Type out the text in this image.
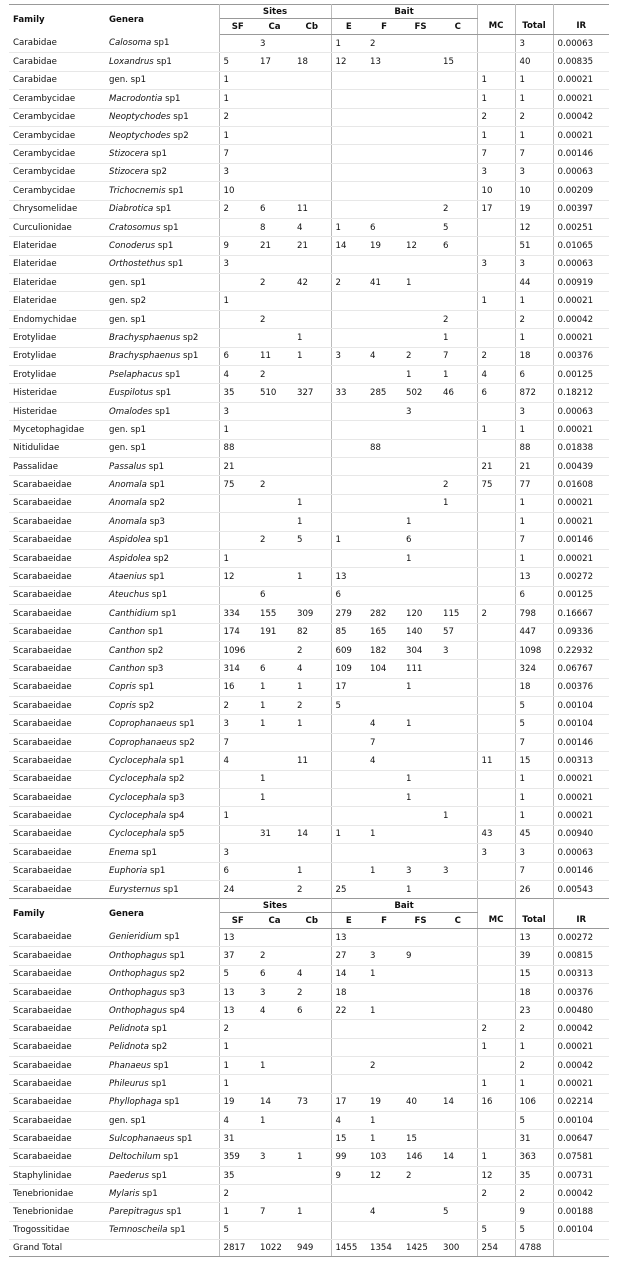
Family	Genera	Sites			Bait						
		SF	Ca	Cb	E	F	FS	C	MC	Total	IR
Carabidae	Calosoma sp1		3		1	2				3	0.00063
Carabidae	Loxandrus sp1	5	17	18	12	13		15		40	0.00835
Carabidae	gen. sp1	1							1	1	0.00021
Cerambycidae	Macrodontia sp1	1							1	1	0.00021
Cerambycidae	Neoptychodes sp1	2							2	2	0.00042
Cerambycidae	Neoptychodes sp2	1							1	1	0.00021
Cerambycidae	Stizocera sp1	7							7	7	0.00146
Cerambycidae	Stizocera sp2	3							3	3	0.00063
Cerambycidae	Trichocnemis sp1	10							10	10	0.00209
Chrysomelidae	Diabrotica sp1	2	6	11				2	17	19	0.00397
Curculionidae	Cratosomus sp1		8	4	1	6		5		12	0.00251
Elateridae	Conoderus sp1	9	21	21	14	19	12	6		51	0.01065
Elateridae	Orthostethus sp1	3							3	3	0.00063
Elateridae	gen. sp1		2	42	2	41	1			44	0.00919
Elateridae	gen. sp2	1							1	1	0.00021
Endomychidae	gen. sp1		2					2		2	0.00042
Erotylidae	Brachysphaenus sp2			1				1		1	0.00021
Erotylidae	Brachysphaenus sp1	6	11	1	3	4	2	7	2	18	0.00376
Erotylidae	Pselaphacus sp1	4	2				1	1	4	6	0.00125
Histeridae	Euspilotus sp1	35	510	327	33	285	502	46	6	872	0.18212
Histeridae	Omalodes sp1	3					3			3	0.00063
Mycetophagidae	gen. sp1	1							1	1	0.00021
Nitidulidae	gen. sp1	88				88				88	0.01838
Passalidae	Passalus sp1	21							21	21	0.00439
Scarabaeidae	Anomala sp1	75	2					2	75	77	0.01608
Scarabaeidae	Anomala sp2			1				1		1	0.00021
Scarabaeidae	Anomala sp3			1			1			1	0.00021
Scarabaeidae	Aspidolea sp1		2	5	1		6			7	0.00146
Scarabaeidae	Aspidolea sp2	1					1			1	0.00021
Scarabaeidae	Ataenius sp1	12		1	13					13	0.00272
Scarabaeidae	Ateuchus sp1		6		6					6	0.00125
Scarabaeidae	Canthidium sp1	334	155	309	279	282	120	115	2	798	0.16667
Scarabaeidae	Canthon sp1	174	191	82	85	165	140	57		447	0.09336
Scarabaeidae	Canthon sp2	1096		2	609	182	304	3		1098	0.22932
Scarabaeidae	Canthon sp3	314	6	4	109	104	111			324	0.06767
Scarabaeidae	Copris sp1	16	1	1	17		1			18	0.00376
Scarabaeidae	Copris sp2	2	1	2	5					5	0.00104
Scarabaeidae	Coprophanaeus sp1	3	1	1		4	1			5	0.00104
Scarabaeidae	Coprophanaeus sp2	7				7				7	0.00146
Scarabaeidae	Cyclocephala sp1	4		11		4			11	15	0.00313
Scarabaeidae	Cyclocephala sp2		1				1			1	0.00021
Scarabaeidae	Cyclocephala sp3		1				1			1	0.00021
Scarabaeidae	Cyclocephala sp4	1						1		1	0.00021
Scarabaeidae	Cyclocephala sp5		31	14	1	1			43	45	0.00940
Scarabaeidae	Enema sp1	3							3	3	0.00063
Scarabaeidae	Euphoria sp1	6		1		1	3	3		7	0.00146
Scarabaeidae	Eurysternus sp1	24		2	25		1			26	0.00543
Family	Genera	Sites			Bait						
		SF	Ca	Cb	E	F	FS	C	MC	Total	IR
Scarabaeidae	Genieridium sp1	13			13					13	0.00272
Scarabaeidae	Onthophagus sp1	37	2		27	3	9			39	0.00815
Scarabaeidae	Onthophagus sp2	5	6	4	14	1				15	0.00313
Scarabaeidae	Onthophagus sp3	13	3	2	18					18	0.00376
Scarabaeidae	Onthophagus sp4	13	4	6	22	1				23	0.00480
Scarabaeidae	Pelidnota sp1	2							2	2	0.00042
Scarabaeidae	Pelidnota sp2	1							1	1	0.00021
Scarabaeidae	Phanaeus sp1	1	1			2				2	0.00042
Scarabaeidae	Phileurus sp1	1							1	1	0.00021
Scarabaeidae	Phyllophaga sp1	19	14	73	17	19	40	14	16	106	0.02214
Scarabaeidae	gen. sp1	4	1		4	1				5	0.00104
Scarabaeidae	Sulcophanaeus sp1	31			15	1	15			31	0.00647
Scarabaeidae	Deltochilum sp1	359	3	1	99	103	146	14	1	363	0.07581
Staphylinidae	Paederus sp1	35			9	12	2		12	35	0.00731
Tenebrionidae	Mylaris sp1	2							2	2	0.00042
Tenebrionidae	Parepitragus sp1	1	7	1		4		5		9	0.00188
Trogossitidae	Temnoscheila sp1	5							5	5	0.00104
Grand Total		2817	1022	949	1455	1354	1425	300	254	4788	
